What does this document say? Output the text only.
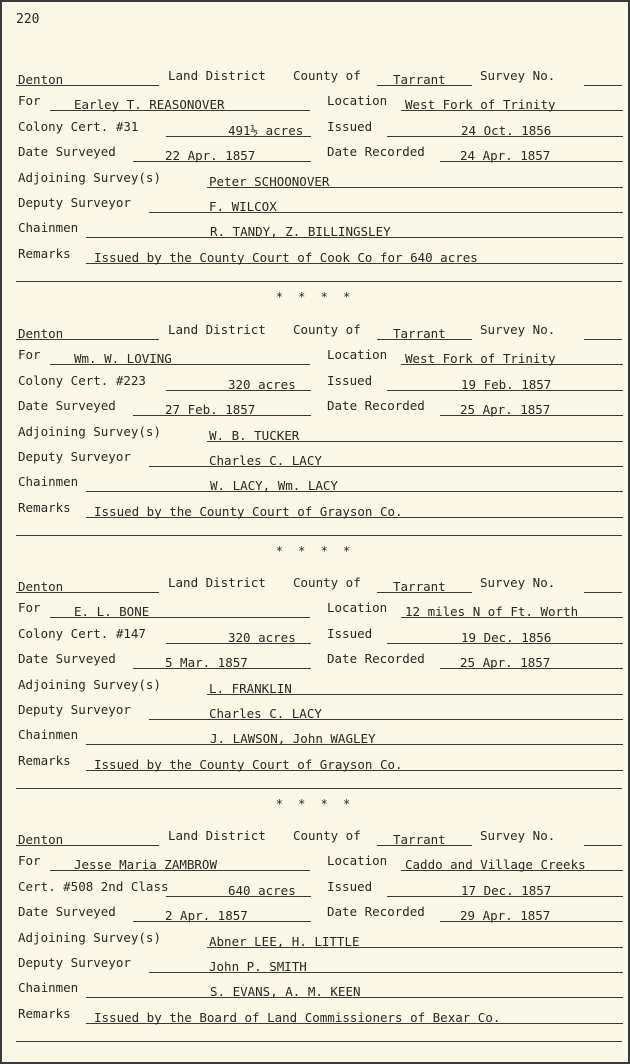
220
Denton	Land District County of	Tarrant	Survey No.
For	Earley T. REASONOVER	Location West Fork of Trinity
Colony Cert. #31	491½ acres Issued	24 Oct. 1856
Date Surveyed	22 Apr. 1857	Date Recorded	24 Apr. 1857
Adjoining Survey(s)	Peter SCHOONOVER
Deputy Surveyor	F. WILCOX
Chainmen	R. TANDY, Z. BILLINGSLEY
Remarks Issued by the County Court of Cook Co for 640 acres
* * * *
Denton	Land District County of	Tarrant	Survey No.
For	Wm. W. LOVING	Location West Fork of Trinity
Colony Cert. #223	320 acres	Issued	19 Feb. 1857
Date Surveyed	27 Feb. 1857	Date Recorded	25 Apr. 1857
Adjoining Survey(s)	W. B. TUCKER
Deputy Surveyor	Charles C. LACY
Chainmen	W. LACY, Wm. LACY
Remarks Issued by the County Court of Grayson Co.
* * * *
Denton	Land District County of	Tarrant	Survey No.
For	E. L. BONE	Location 12 miles N of Ft. Worth
Colony Cert. #147	320 acres	Issued	19 Dec. 1856
Date Surveyed	5 Mar. 1857	Date Recorded	25 Apr. 1857
Adjoining Survey(s)	L. FRANKLIN
Deputy Surveyor	Charles C. LACY
Chainmen	J. LAWSON, John WAGLEY
Remarks Issued by the County Court of Grayson Co.
* * * *
Denton	Land District County of	Tarrant	Survey No.
For	Jesse Maria ZAMBROW	Location Caddo and Village Creeks
Cert. #508 2nd Class	640 acres	Issued	17 Dec. 1857
Date Surveyed	2 Apr. 1857	Date Recorded	29 Apr. 1857
Adjoining Survey(s)	Abner LEE, H. LITTLE
Deputy Surveyor	John P. SMITH
Chainmen	S. EVANS, A. M. KEEN
Remarks Issued by the Board of Land Commissioners of Bexar Co.
